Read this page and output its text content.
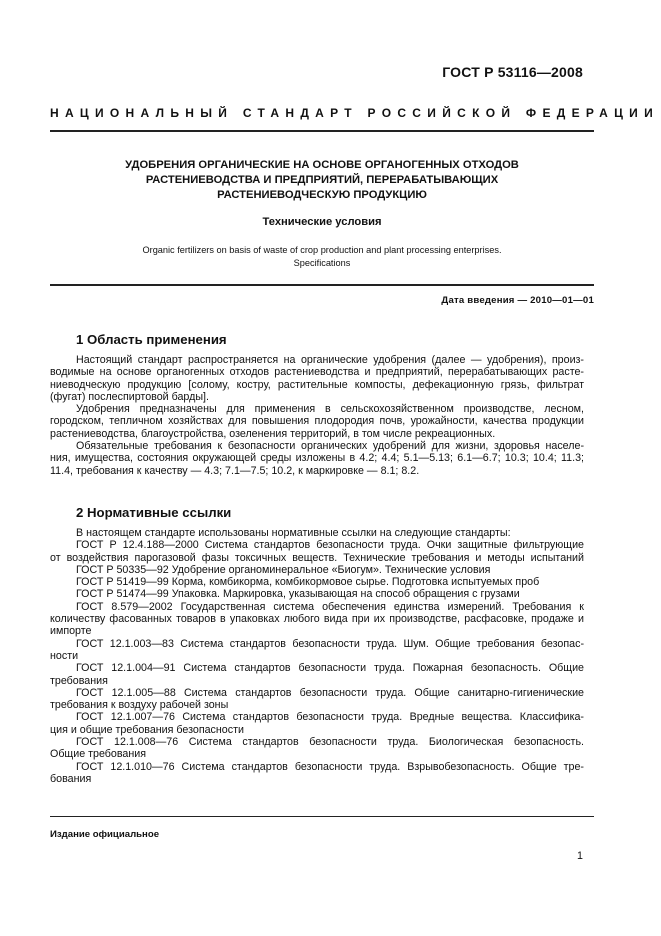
ГОСТ Р 53116—2008
НАЦИОНАЛЬНЫЙ СТАНДАРТ РОССИЙСКОЙ ФЕДЕРАЦИИ
УДОБРЕНИЯ ОРГАНИЧЕСКИЕ НА ОСНОВЕ ОРГАНОГЕННЫХ ОТХОДОВ
РАСТЕНИЕВОДСТВА И ПРЕДПРИЯТИЙ, ПЕРЕРАБАТЫВАЮЩИХ
РАСТЕНИЕВОДЧЕСКУЮ ПРОДУКЦИЮ
Технические условия
Organic fertilizers on basis of waste of crop production and plant processing enterprises.
Specifications
Дата введения — 2010—01—01
1 Область применения
Настоящий стандарт распространяется на органические удобрения (далее — удобрения), произ-
водимые на основе органогенных отходов растениеводства и предприятий, перерабатывающих расте-
ниеводческую продукцию [солому, костру, растительные компосты, дефекационную грязь, фильтрат
(фугат) послеспиртовой барды].
Удобрения предназначены для применения в сельскохозяйственном производстве, лесном,
городском, тепличном хозяйствах для повышения плодородия почв, урожайности, качества продукции
растениеводства, благоустройства, озеленения территорий, в том числе рекреационных.
Обязательные требования к безопасности органических удобрений для жизни, здоровья населе-
ния, имущества, состояния окружающей среды изложены в 4.2; 4.4; 5.1—5.13; 6.1—6.7; 10.3; 10.4; 11.3;
11.4, требования к качеству — 4.3; 7.1—7.5; 10.2, к маркировке — 8.1; 8.2.
2 Нормативные ссылки
В настоящем стандарте использованы нормативные ссылки на следующие стандарты:
ГОСТ Р 12.4.188—2000 Система стандартов безопасности труда. Очки защитные фильтрующие
от воздействия парогазовой фазы токсичных веществ. Технические требования и методы испытаний
ГОСТ Р 50335—92 Удобрение органоминеральное «Биогум». Технические условия
ГОСТ Р 51419—99 Корма, комбикорма, комбикормовое сырье. Подготовка испытуемых проб
ГОСТ Р 51474—99 Упаковка. Маркировка, указывающая на способ обращения с грузами
ГОСТ 8.579—2002 Государственная система обеспечения единства измерений. Требования к
количеству фасованных товаров в упаковках любого вида при их производстве, расфасовке, продаже и
импорте
ГОСТ 12.1.003—83 Система стандартов безопасности труда. Шум. Общие требования безопас-
ности
ГОСТ 12.1.004—91 Система стандартов безопасности труда. Пожарная безопасность. Общие
требования
ГОСТ 12.1.005—88 Система стандартов безопасности труда. Общие санитарно-гигиенические
требования к воздуху рабочей зоны
ГОСТ 12.1.007—76 Система стандартов безопасности труда. Вредные вещества. Классифика-
ция и общие требования безопасности
ГОСТ 12.1.008—76 Система стандартов безопасности труда. Биологическая безопасность.
Общие требования
ГОСТ 12.1.010—76 Система стандартов безопасности труда. Взрывобезопасность. Общие тре-
бования
Издание официальное
1
